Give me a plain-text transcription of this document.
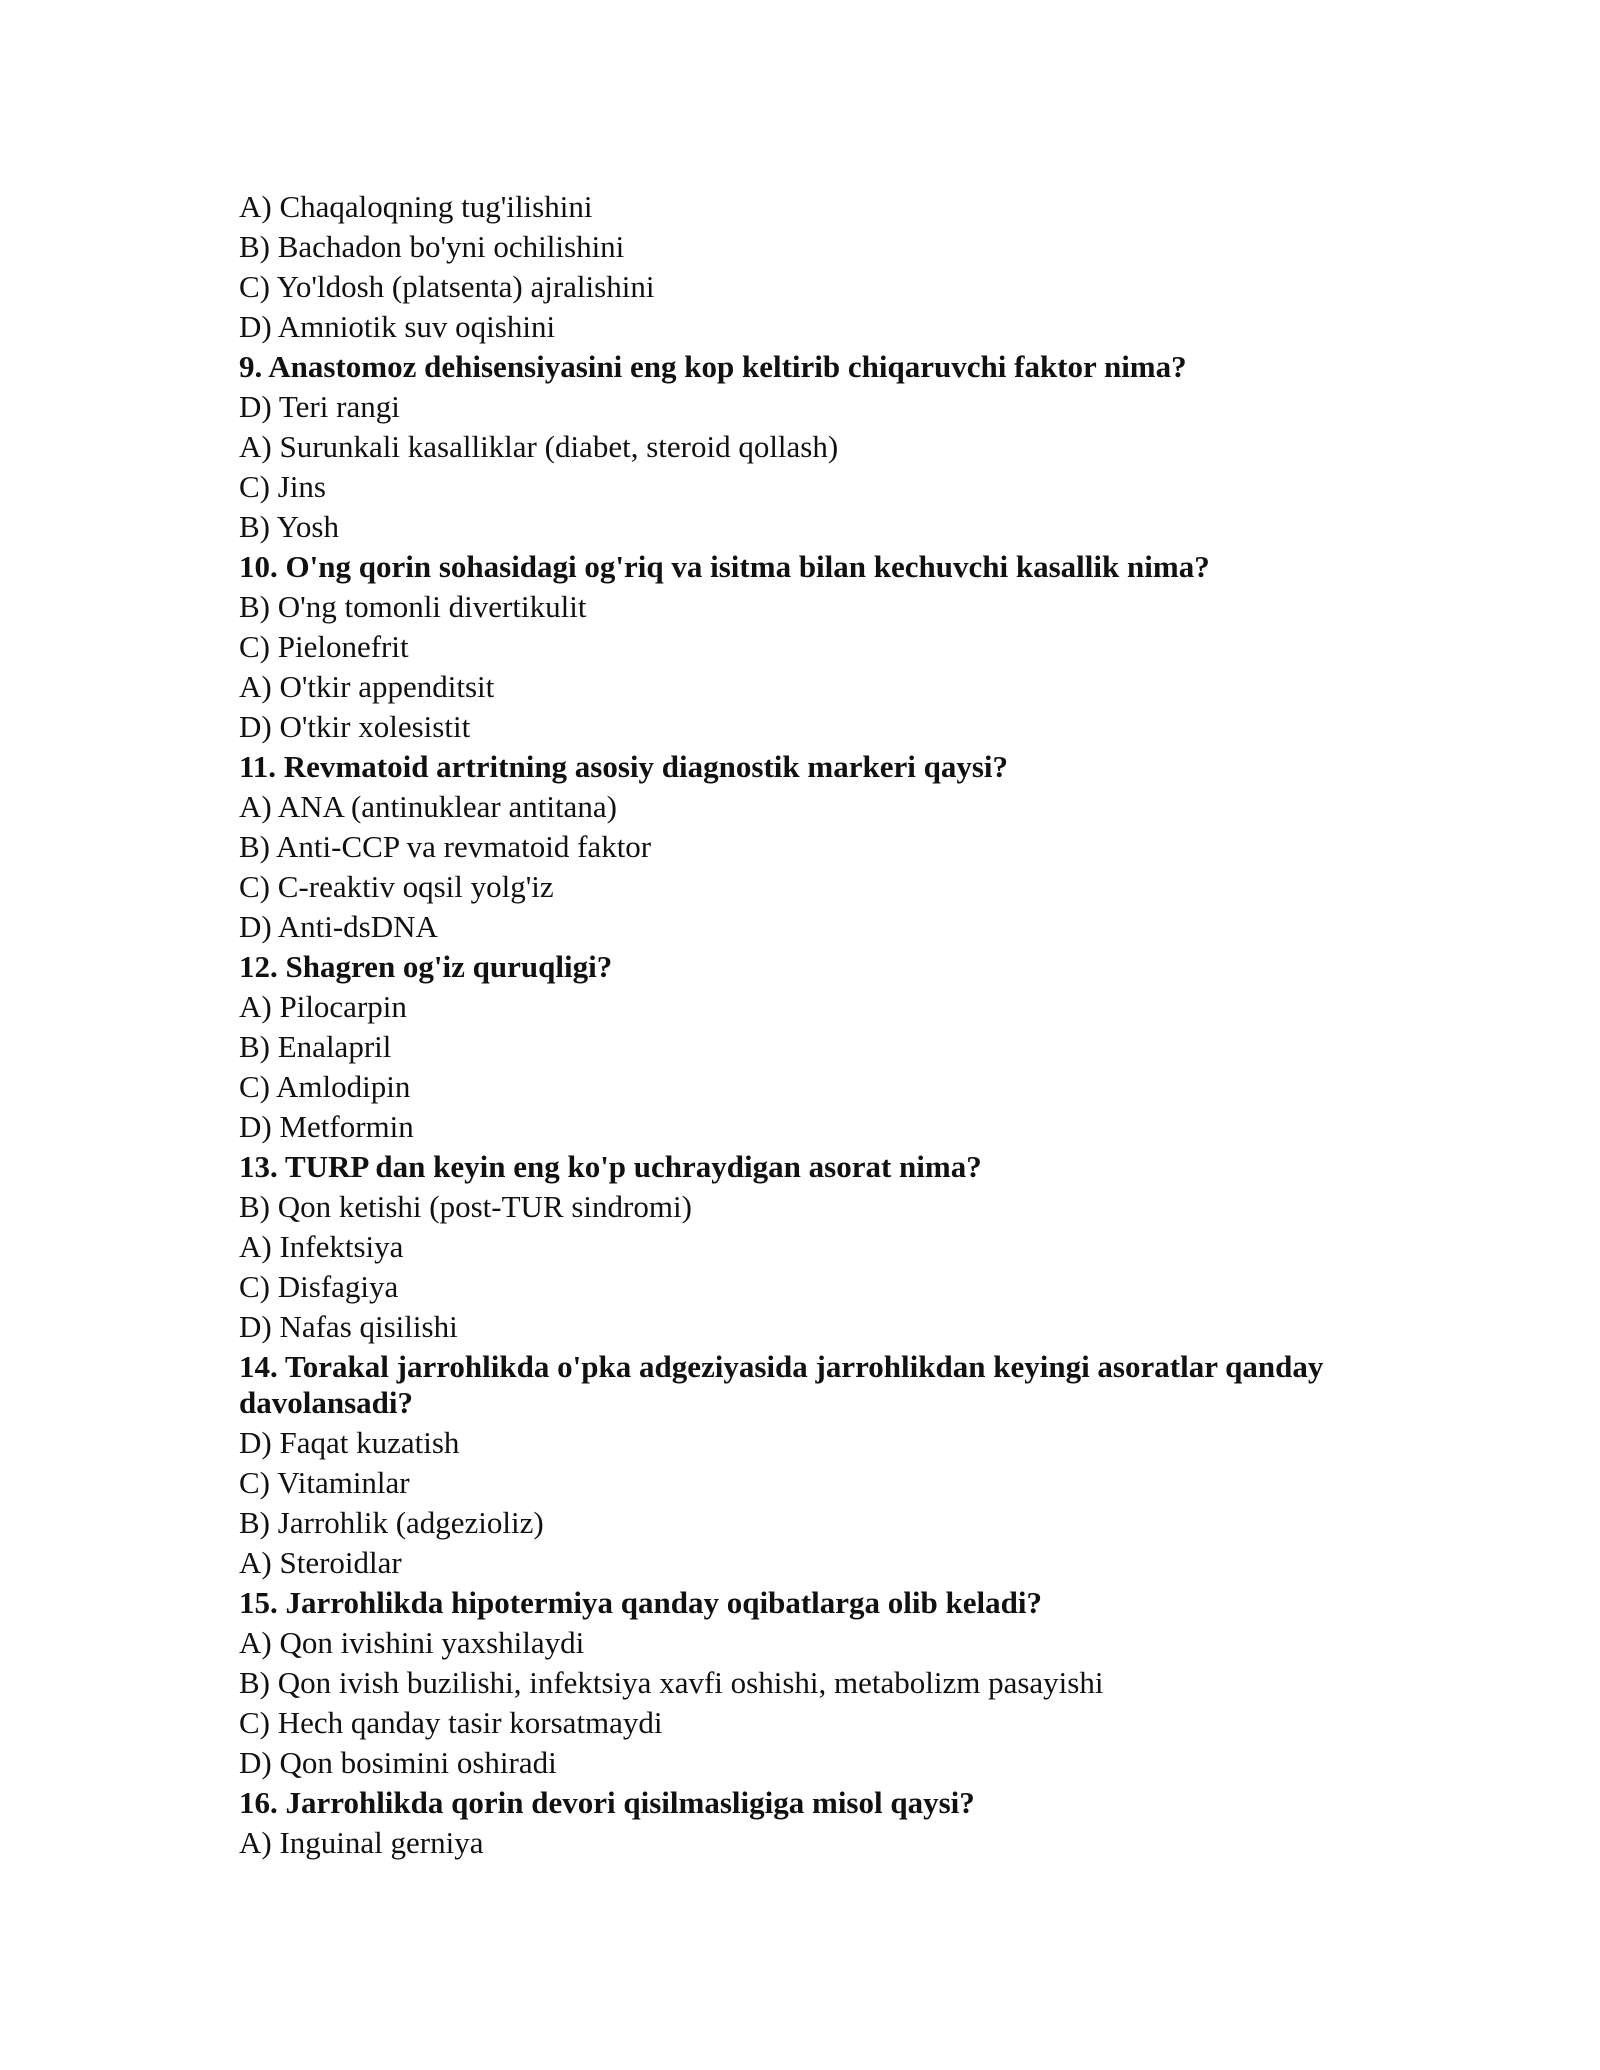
A) Chaqaloqning tug'ilishini
B) Bachadon bo'yni ochilishini
C) Yo'ldosh (platsenta) ajralishini
D) Amniotik suv oqishini
9. Anastomoz dehisensiyasini eng kop keltirib chiqaruvchi faktor nima?
D) Teri rangi
A) Surunkali kasalliklar (diabet, steroid qollash)
C) Jins
B) Yosh
10. O'ng qorin sohasidagi og'riq va isitma bilan kechuvchi kasallik nima?
B) O'ng tomonli divertikulit
C) Pielonefrit
A) O'tkir appenditsit
D) O'tkir xolesistit
11. Revmatoid artritning asosiy diagnostik markeri qaysi?
A) ANA (antinuklear antitana)
B) Anti-CCP va revmatoid faktor
C) C-reaktiv oqsil yolg'iz
D) Anti-dsDNA
12. Shagren og'iz quruqligi?
A) Pilocarpin
B) Enalapril
C) Amlodipin
D) Metformin
13. TURP dan keyin eng ko'p uchraydigan asorat nima?
B) Qon ketishi (post-TUR sindromi)
A) Infektsiya
C) Disfagiya
D) Nafas qisilishi
14. Torakal jarrohlikda o'pka adgeziyasida jarrohlikdan keyingi asoratlar qanday davolansadi?
D) Faqat kuzatish
C) Vitaminlar
B) Jarrohlik (adgezioliz)
A) Steroidlar
15. Jarrohlikda hipotermiya qanday oqibatlarga olib keladi?
A) Qon ivishini yaxshilaydi
B) Qon ivish buzilishi, infektsiya xavfi oshishi, metabolizm pasayishi
C) Hech qanday tasir korsatmaydi
D) Qon bosimini oshiradi
16. Jarrohlikda qorin devori qisilmasligiga misol qaysi?
A) Inguinal gerniya
